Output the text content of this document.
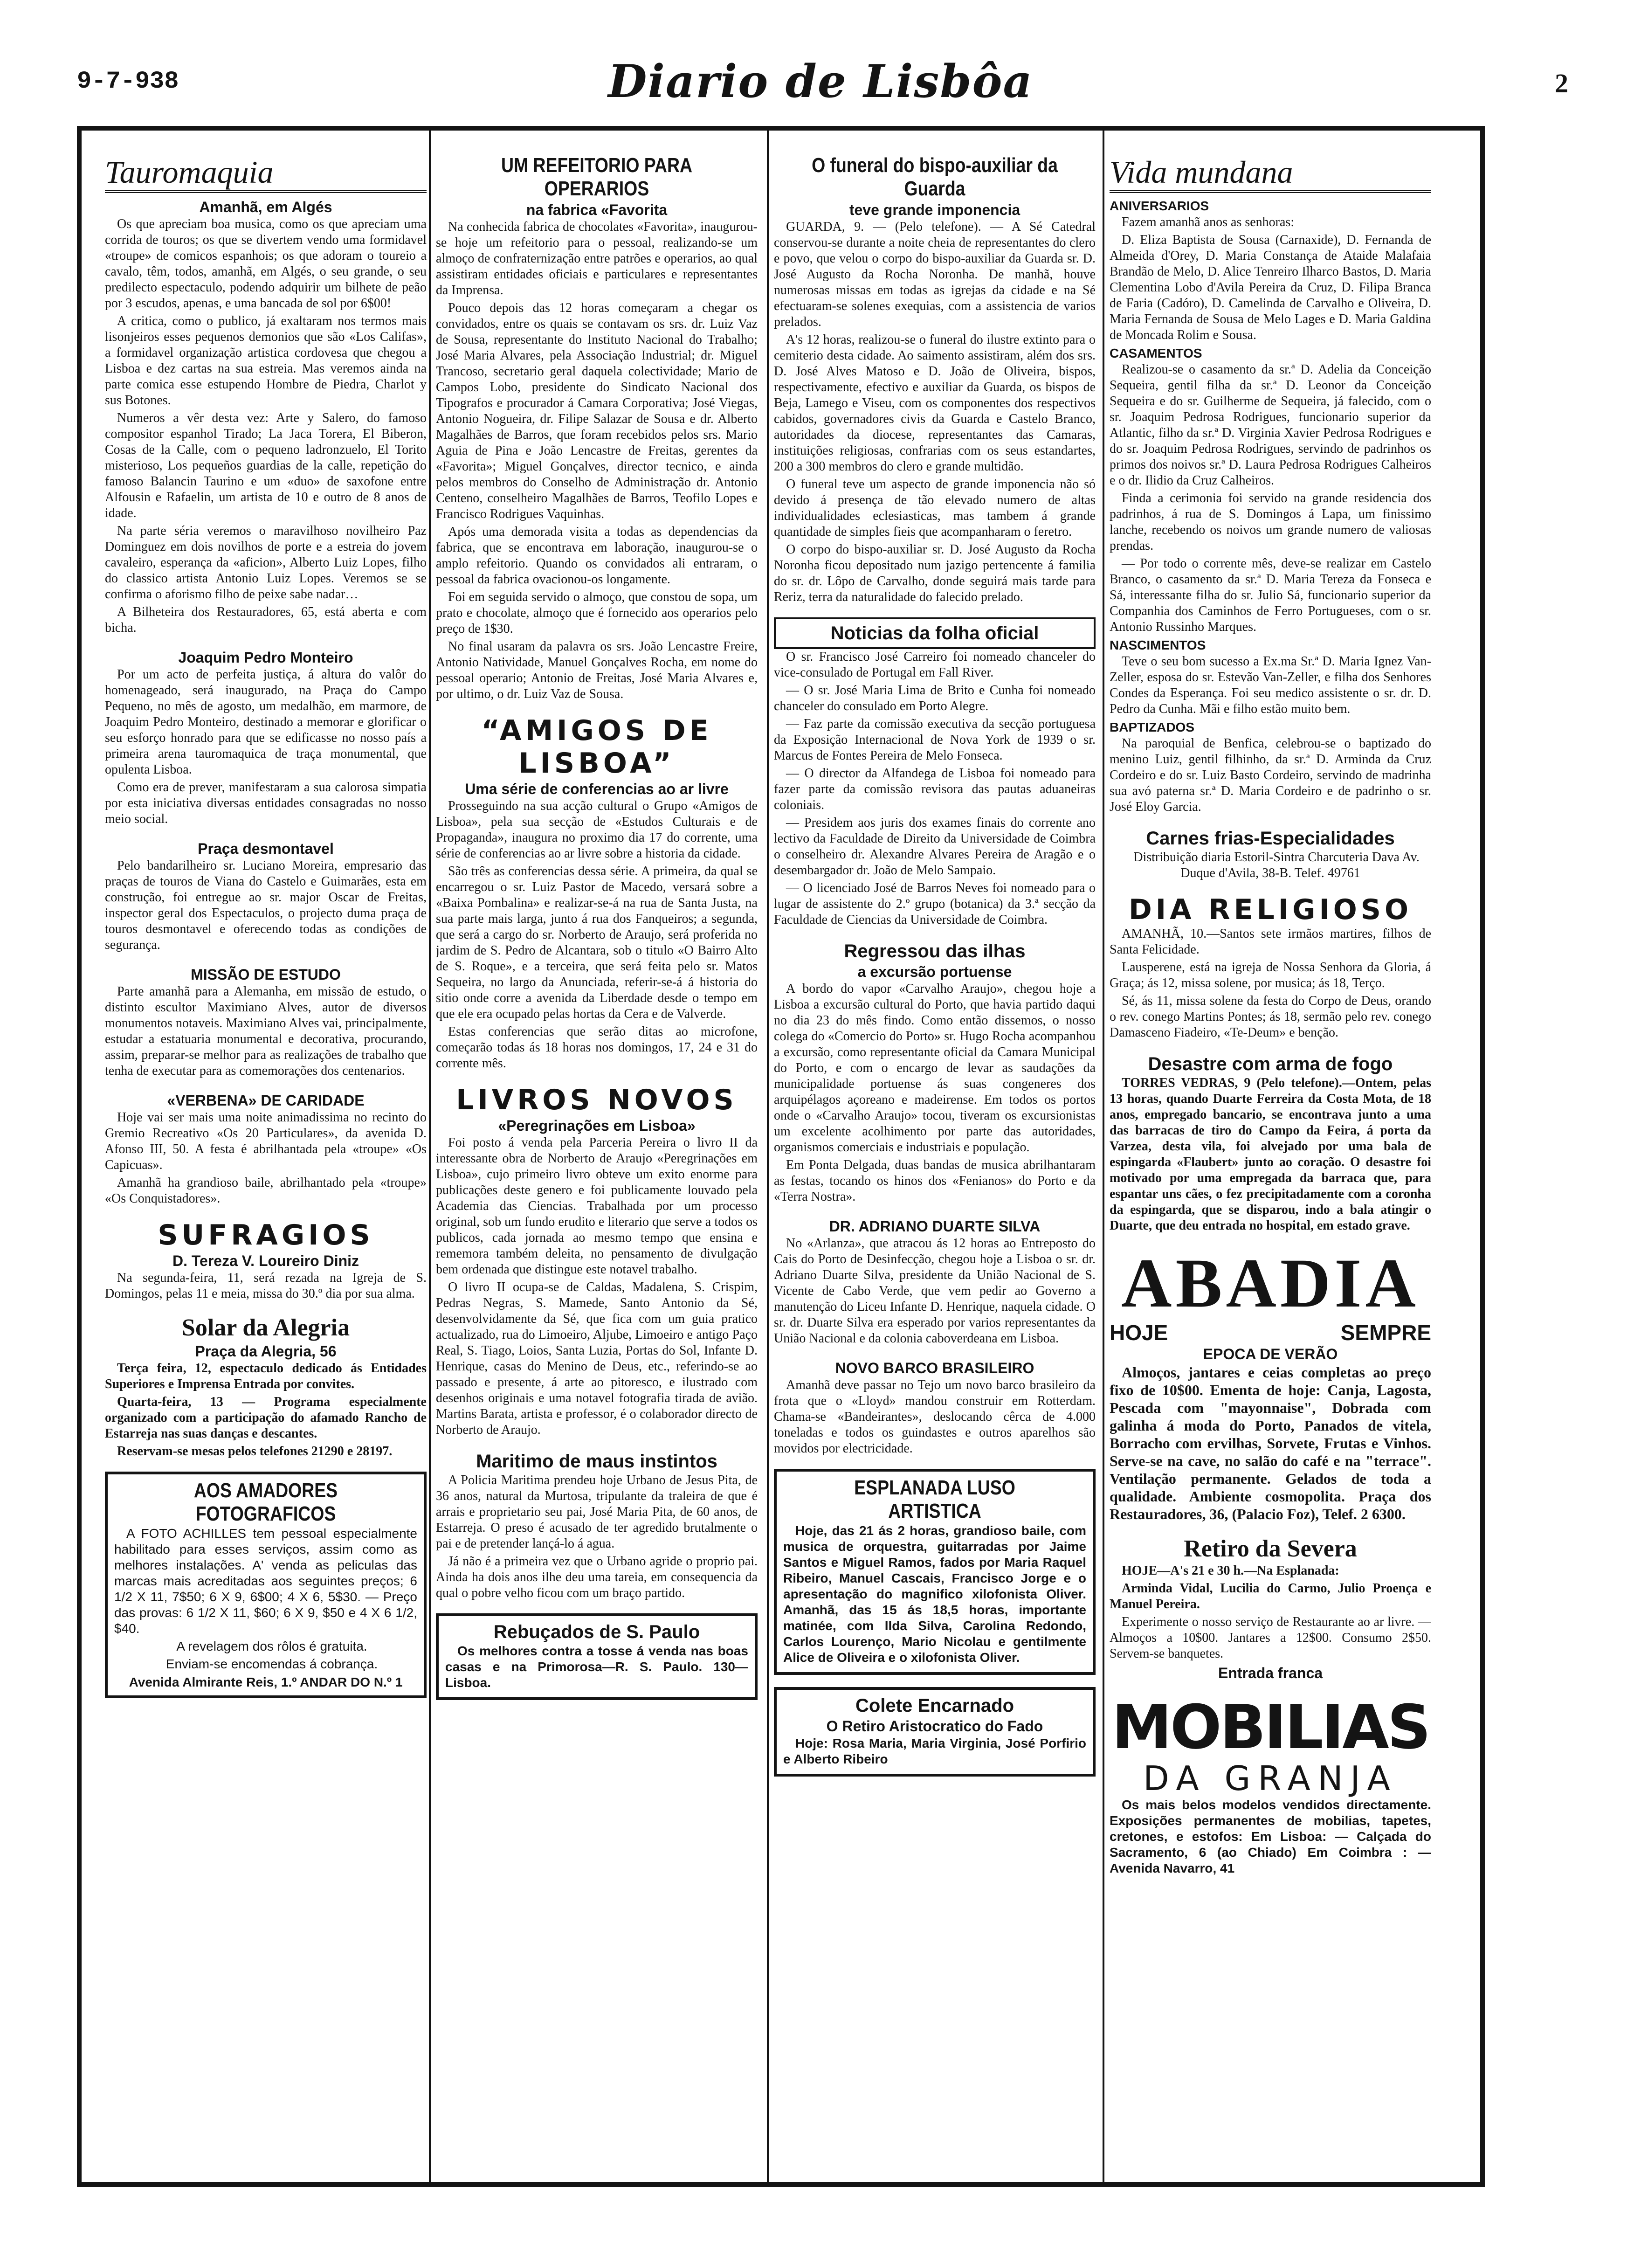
9-7-938	Diario de Lisbôa	2
Tauromaquia
Amanhã, em Algés

Os que apreciam boa musica, como os que apreciam uma corrida de touros; os que se divertem vendo uma formidavel «troupe» de comicos espanhois; os que adoram o toureio a cavalo, têm, todos, amanhã, em Algés, o seu grande, o seu predilecto espectaculo, podendo adquirir um bilhete de peão por 3 escudos, apenas, e uma bancada de sol por 6$00!

A critica, como o publico, já exaltaram nos termos mais lisonjeiros esses pequenos demonios que são «Los Califas», a formidavel organização artistica cordovesa que chegou a Lisboa e dez cartas na sua estreia. Mas veremos ainda na parte comica esse estupendo Hombre de Piedra, Charlot y sus Botones.

Numeros a vêr desta vez: Arte y Salero, do famoso compositor espanhol Tirado; La Jaca Torera, El Biberon, Cosas de la Calle, com o pequeno ladronzuelo, El Torito misterioso, Los pequeños guardias de la calle, repetição do famoso Balancin Taurino e um «duo» de saxofone entre Alfousin e Rafaelin, um artista de 10 e outro de 8 anos de idade.

Na parte séria veremos o maravilhoso novilheiro Paz Dominguez em dois novilhos de porte e a estreia do jovem cavaleiro, esperança da «aficion», Alberto Luiz Lopes, filho do classico artista Antonio Luiz Lopes. Veremos se se confirma o aforismo filho de peixe sabe nadar…

A Bilheteira dos Restauradores, 65, está aberta e com bicha.

Joaquim Pedro Monteiro

Por um acto de perfeita justiça, á altura do valôr do homenageado, será inaugurado, na Praça do Campo Pequeno, no mês de agosto, um medalhão, em marmore, de Joaquim Pedro Monteiro, destinado a memorar e glorificar o seu esforço honrado para que se edificasse no nosso país a primeira arena tauromaquica de traça monumental, que opulenta Lisboa.

Como era de prever, manifestaram a sua calorosa simpatia por esta iniciativa diversas entidades consagradas no nosso meio social.

Praça desmontavel

Pelo bandarilheiro sr. Luciano Moreira, empresario das praças de touros de Viana do Castelo e Guimarães, esta em construção, foi entregue ao sr. major Oscar de Freitas, inspector geral dos Espectaculos, o projecto duma praça de touros desmontavel e oferecendo todas as condições de segurança.

MISSÃO DE ESTUDO

Parte amanhã para a Alemanha, em missão de estudo, o distinto escultor Maximiano Alves, autor de diversos monumentos notaveis. Maximiano Alves vai, principalmente, estudar a estatuaria monumental e decorativa, procurando, assim, preparar-se melhor para as realizações de trabalho que tenha de executar para as comemorações dos centenarios.

«VERBENA» DE CARIDADE

Hoje vai ser mais uma noite animadissima no recinto do Gremio Recreativo «Os 20 Particulares», da avenida D. Afonso III, 50. A festa é abrilhantada pela «troupe» «Os Capicuas».

Amanhã ha grandioso baile, abrilhantado pela «troupe» «Os Conquistadores».

SUFRAGIOS
D. Tereza V. Loureiro Diniz

Na segunda-feira, 11, será rezada na Igreja de S. Domingos, pelas 11 e meia, missa do 30.º dia por sua alma.

Solar da Alegria
Praça da Alegria, 56

Terça feira, 12, espectaculo dedicado ás Entidades Superiores e Imprensa Entrada por convites.

Quarta-feira, 13 — Programa especialmente organizado com a participação do afamado Rancho de Estarreja nas suas danças e descantes.

Reservam-se mesas pelos telefones 21290 e 28197.

AOS AMADORES FOTOGRAFICOS

A FOTO ACHILLES tem pessoal especialmente habilitado para esses serviços, assim como as melhores instalações. A' venda as peliculas das marcas mais acreditadas aos seguintes preços; 6 1/2 X 11, 7$50; 6 X 9, 6$00; 4 X 6, 5$30. — Preço das provas: 6 1/2 X 11, $60; 6 X 9, $50 e 4 X 6 1/2, $40.

A revelagem dos rôlos é gratuita.

Enviam-se encomendas á cobrança.

Avenida Almirante Reis, 1.º ANDAR DO N.º 1
UM REFEITORIO PARA OPERARIOS
na fabrica «Favorita

Na conhecida fabrica de chocolates «Favorita», inaugurou-se hoje um refeitorio para o pessoal, realizando-se um almoço de confraternização entre patrões e operarios, ao qual assistiram entidades oficiais e particulares e representantes da Imprensa.

Pouco depois das 12 horas começaram a chegar os convidados, entre os quais se contavam os srs. dr. Luiz Vaz de Sousa, representante do Instituto Nacional do Trabalho; José Maria Alvares, pela Associação Industrial; dr. Miguel Trancoso, secretario geral daquela colectividade; Mario de Campos Lobo, presidente do Sindicato Nacional dos Tipografos e procurador á Camara Corporativa; José Viegas, Antonio Nogueira, dr. Filipe Salazar de Sousa e dr. Alberto Magalhães de Barros, que foram recebidos pelos srs. Mario Aguia de Pina e João Lencastre de Freitas, gerentes da «Favorita»; Miguel Gonçalves, director tecnico, e ainda pelos membros do Conselho de Administração dr. Antonio Centeno, conselheiro Magalhães de Barros, Teofilo Lopes e Francisco Rodrigues Vaquinhas.

Após uma demorada visita a todas as dependencias da fabrica, que se encontrava em laboração, inaugurou-se o amplo refeitorio. Quando os convidados ali entraram, o pessoal da fabrica ovacionou-os longamente.

Foi em seguida servido o almoço, que constou de sopa, um prato e chocolate, almoço que é fornecido aos operarios pelo preço de 1$30.

No final usaram da palavra os srs. João Lencastre Freire, Antonio Natividade, Manuel Gonçalves Rocha, em nome do pessoal operario; Antonio de Freitas, José Maria Alvares e, por ultimo, o dr. Luiz Vaz de Sousa.

“AMIGOS DE LISBOA”
Uma série de conferencias ao ar livre

Prosseguindo na sua acção cultural o Grupo «Amigos de Lisboa», pela sua secção de «Estudos Culturais e de Propaganda», inaugura no proximo dia 17 do corrente, uma série de conferencias ao ar livre sobre a historia da cidade.

São três as conferencias dessa série. A primeira, da qual se encarregou o sr. Luiz Pastor de Macedo, versará sobre a «Baixa Pombalina» e realizar-se-á na rua de Santa Justa, na sua parte mais larga, junto á rua dos Fanqueiros; a segunda, que será a cargo do sr. Norberto de Araujo, será proferida no jardim de S. Pedro de Alcantara, sob o titulo «O Bairro Alto de S. Roque», e a terceira, que será feita pelo sr. Matos Sequeira, no largo da Anunciada, referir-se-á á historia do sitio onde corre a avenida da Liberdade desde o tempo em que ele era ocupado pelas hortas da Cera e de Valverde.

Estas conferencias que serão ditas ao microfone, começarão todas ás 18 horas nos domingos, 17, 24 e 31 do corrente mês.

LIVROS NOVOS
«Peregrinações em Lisboa»

Foi posto á venda pela Parceria Pereira o livro II da interessante obra de Norberto de Araujo «Peregrinações em Lisboa», cujo primeiro livro obteve um exito enorme para publicações deste genero e foi publicamente louvado pela Academia das Ciencias. Trabalhada por um processo original, sob um fundo erudito e literario que serve a todos os publicos, cada jornada ao mesmo tempo que ensina e rememora também deleita, no pensamento de divulgação bem ordenada que distingue este notavel trabalho.

O livro II ocupa-se de Caldas, Madalena, S. Crispim, Pedras Negras, S. Mamede, Santo Antonio da Sé, desenvolvidamente da Sé, que fica com um guia pratico actualizado, rua do Limoeiro, Aljube, Limoeiro e antigo Paço Real, S. Tiago, Loios, Santa Luzia, Portas do Sol, Infante D. Henrique, casas do Menino de Deus, etc., referindo-se ao passado e presente, á arte ao pitoresco, e ilustrado com desenhos originais e uma notavel fotografia tirada de avião. Martins Barata, artista e professor, é o colaborador directo de Norberto de Araujo.

Maritimo de maus instintos

A Policia Maritima prendeu hoje Urbano de Jesus Pita, de 36 anos, natural da Murtosa, tripulante da traleira de que é arrais e proprietario seu pai, José Maria Pita, de 60 anos, de Estarreja. O preso é acusado de ter agredido brutalmente o pai e de pretender lançá-lo á agua.

Já não é a primeira vez que o Urbano agride o proprio pai. Ainda ha dois anos ilhe deu uma tareia, em consequencia da qual o pobre velho ficou com um braço partido.

Rebuçados de S. Paulo

Os melhores contra a tosse á venda nas boas casas e na Primorosa—R. S. Paulo. 130—Lisboa.

O funeral do bispo-auxiliar da Guarda
teve grande imponencia

GUARDA, 9. — (Pelo telefone). — A Sé Catedral conservou-se durante a noite cheia de representantes do clero e povo, que velou o corpo do bispo-auxiliar da Guarda sr. D. José Augusto da Rocha Noronha. De manhã, houve numerosas missas em todas as igrejas da cidade e na Sé efectuaram-se solenes exequias, com a assistencia de varios prelados.

A's 12 horas, realizou-se o funeral do ilustre extinto para o cemiterio desta cidade. Ao saimento assistiram, além dos srs. D. José Alves Matoso e D. João de Oliveira, bispos, respectivamente, efectivo e auxiliar da Guarda, os bispos de Beja, Lamego e Viseu, com os componentes dos respectivos cabidos, governadores civis da Guarda e Castelo Branco, autoridades da diocese, representantes das Camaras, instituições religiosas, confrarias com os seus estandartes, 200 a 300 membros do clero e grande multidão.

O funeral teve um aspecto de grande imponencia não só devido á presença de tão elevado numero de altas individualidades eclesiasticas, mas tambem á grande quantidade de simples fieis que acompanharam o feretro.

O corpo do bispo-auxiliar sr. D. José Augusto da Rocha Noronha ficou depositado num jazigo pertencente á familia do sr. dr. Lôpo de Carvalho, donde seguirá mais tarde para Reriz, terra da naturalidade do falecido prelado.

Noticias da folha oficial

O sr. Francisco José Carreiro foi nomeado chanceler do vice-consulado de Portugal em Fall River.

— O sr. José Maria Lima de Brito e Cunha foi nomeado chanceler do consulado em Porto Alegre.

— Faz parte da comissão executiva da secção portuguesa da Exposição Internacional de Nova York de 1939 o sr. Marcus de Fontes Pereira de Melo Fonseca.

— O director da Alfandega de Lisboa foi nomeado para fazer parte da comissão revisora das pautas aduaneiras coloniais.

— Presidem aos juris dos exames finais do corrente ano lectivo da Faculdade de Direito da Universidade de Coimbra o conselheiro dr. Alexandre Alvares Pereira de Aragão e o desembargador dr. João de Melo Sampaio.

— O licenciado José de Barros Neves foi nomeado para o lugar de assistente do 2.º grupo (botanica) da 3.ª secção da Faculdade de Ciencias da Universidade de Coimbra.

Regressou das ilhas
a excursão portuense

A bordo do vapor «Carvalho Araujo», chegou hoje a Lisboa a excursão cultural do Porto, que havia partido daqui no dia 23 do mês findo. Como então dissemos, o nosso colega do «Comercio do Porto» sr. Hugo Rocha acompanhou a excursão, como representante oficial da Camara Municipal do Porto, e com o encargo de levar as saudações da municipalidade portuense ás suas congeneres dos arquipélagos açoreano e madeirense. Em todos os portos onde o «Carvalho Araujo» tocou, tiveram os excursionistas um excelente acolhimento por parte das autoridades, organismos comerciais e industriais e população.

Em Ponta Delgada, duas bandas de musica abrilhantaram as festas, tocando os hinos dos «Fenianos» do Porto e da «Terra Nostra».

DR. ADRIANO DUARTE SILVA

No «Arlanza», que atracou ás 12 horas ao Entreposto do Cais do Porto de Desinfecção, chegou hoje a Lisboa o sr. dr. Adriano Duarte Silva, presidente da União Nacional de S. Vicente de Cabo Verde, que vem pedir ao Governo a manutenção do Liceu Infante D. Henrique, naquela cidade. O sr. dr. Duarte Silva era esperado por varios representantes da União Nacional e da colonia caboverdeana em Lisboa.

NOVO BARCO BRASILEIRO

Amanhã deve passar no Tejo um novo barco brasileiro da frota que o «Lloyd» mandou construir em Rotterdam. Chama-se «Bandeirantes», deslocando cêrca de 4.000 toneladas e todos os guindastes e outros aparelhos são movidos por electricidade.

ESPLANADA LUSO ARTISTICA

Hoje, das 21 ás 2 horas, grandioso baile, com musica de orquestra, guitarradas por Jaime Santos e Miguel Ramos, fados por Maria Raquel Ribeiro, Manuel Cascais, Francisco Jorge e o apresentação do magnifico xilofonista Oliver. Amanhã, das 15 ás 18,5 horas, importante matinée, com Ilda Silva, Carolina Redondo, Carlos Lourenço, Mario Nicolau e gentilmente Alice de Oliveira e o xilofonista Oliver.

Colete Encarnado
O Retiro Aristocratico do Fado

Hoje: Rosa Maria, Maria Virginia, José Porfirio e Alberto Ribeiro

Vida mundana
ANIVERSARIOS

Fazem amanhã anos as senhoras:

D. Eliza Baptista de Sousa (Carnaxide), D. Fernanda de Almeida d'Orey, D. Maria Constança de Ataide Malafaia Brandão de Melo, D. Alice Tenreiro Ilharco Bastos, D. Maria Clementina Lobo d'Avila Pereira da Cruz, D. Filipa Branca de Faria (Cadóro), D. Camelinda de Carvalho e Oliveira, D. Maria Fernanda de Sousa de Melo Lages e D. Maria Galdina de Moncada Rolim e Sousa.

CASAMENTOS

Realizou-se o casamento da sr.ª D. Adelia da Conceição Sequeira, gentil filha da sr.ª D. Leonor da Conceição Sequeira e do sr. Guilherme de Sequeira, já falecido, com o sr. Joaquim Pedrosa Rodrigues, funcionario superior da Atlantic, filho da sr.ª D. Virginia Xavier Pedrosa Rodrigues e do sr. Joaquim Pedrosa Rodrigues, servindo de padrinhos os primos dos noivos sr.ª D. Laura Pedrosa Rodrigues Calheiros e o dr. Ilidio da Cruz Calheiros.

Finda a cerimonia foi servido na grande residencia dos padrinhos, á rua de S. Domingos á Lapa, um finissimo lanche, recebendo os noivos um grande numero de valiosas prendas.

— Por todo o corrente mês, deve-se realizar em Castelo Branco, o casamento da sr.ª D. Maria Tereza da Fonseca e Sá, interessante filha do sr. Julio Sá, funcionario superior da Companhia dos Caminhos de Ferro Portugueses, com o sr. Antonio Russinho Marques.

NASCIMENTOS

Teve o seu bom sucesso a Ex.ma Sr.ª D. Maria Ignez Van-Zeller, esposa do sr. Estevão Van-Zeller, e filha dos Senhores Condes da Esperança. Foi seu medico assistente o sr. dr. D. Pedro da Cunha. Mãi e filho estão muito bem.

BAPTIZADOS

Na paroquial de Benfica, celebrou-se o baptizado do menino Luiz, gentil filhinho, da sr.ª D. Arminda da Cruz Cordeiro e do sr. Luiz Basto Cordeiro, servindo de madrinha sua avó paterna sr.ª D. Maria Cordeiro e de padrinho o sr. José Eloy Garcia.

Carnes frias-Especialidades

Distribuição diaria Estoril-Sintra Charcuteria Dava Av. Duque d'Avila, 38-B. Telef. 49761

DIA RELIGIOSO

AMANHÃ, 10.—Santos sete irmãos martires, filhos de Santa Felicidade.

Lausperene, está na igreja de Nossa Senhora da Gloria, á Graça; ás 12, missa solene, por musica; ás 18, Terço.

Sé, ás 11, missa solene da festa do Corpo de Deus, orando o rev. conego Martins Pontes; ás 18, sermão pelo rev. conego Damasceno Fiadeiro, «Te-Deum» e benção.

Desastre com arma de fogo

TORRES VEDRAS, 9 (Pelo telefone).—Ontem, pelas 13 horas, quando Duarte Ferreira da Costa Mota, de 18 anos, empregado bancario, se encontrava junto a uma das barracas de tiro do Campo da Feira, á porta da Varzea, desta vila, foi alvejado por uma bala de espingarda «Flaubert» junto ao coração. O desastre foi motivado por uma empregada da barraca que, para espantar uns cães, o fez precipitadamente com a coronha da espingarda, que se disparou, indo a bala atingir o Duarte, que deu entrada no hospital, em estado grave.

ABADIA
HOJE	SEMPRE
EPOCA DE VERÃO

Almoços, jantares e ceias completas ao preço fixo de 10$00. Ementa de hoje: Canja, Lagosta, Pescada com "mayonnaise", Dobrada com galinha á moda do Porto, Panados de vitela, Borracho com ervilhas, Sorvete, Frutas e Vinhos. Serve-se na cave, no salão do café e na "terrace". Ventilação permanente. Gelados de toda a qualidade. Ambiente cosmopolita. Praça dos Restauradores, 36, (Palacio Foz), Telef. 2 6300.

Retiro da Severa

HOJE—A's 21 e 30 h.—Na Esplanada:

Arminda Vidal, Lucilia do Carmo, Julio Proença e Manuel Pereira.

Experimente o nosso serviço de Restaurante ao ar livre. — Almoços a 10$00. Jantares a 12$00. Consumo 2$50. Servem-se banquetes.

Entrada franca
MOBILIAS
DA GRANJA

Os mais belos modelos vendidos directamente. Exposições permanentes de mobilias, tapetes, cretones, e estofos: Em Lisboa: — Calçada do Sacramento, 6 (ao Chiado) Em Coimbra : — Avenida Navarro, 41
